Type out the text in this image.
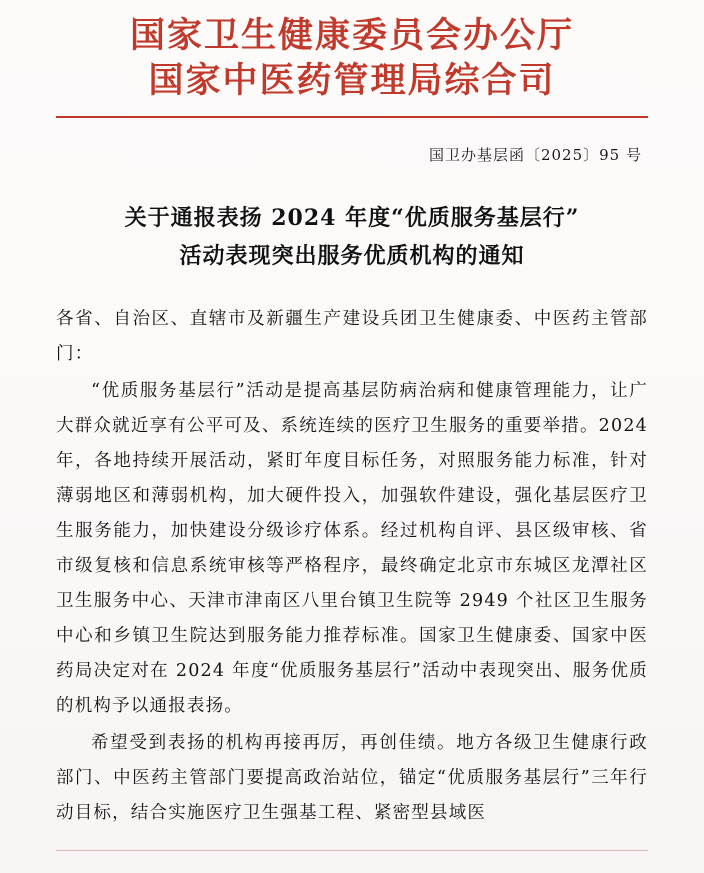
国家卫生健康委员会办公厅
国家中医药管理局综合司
国卫办基层函〔2025〕95 号
关于通报表扬 2024 年度“优质服务基层行”
活动表现突出服务优质机构的通知

各省、自治区、直辖市及新疆生产建设兵团卫生健康委、中医药主管部门：

“优质服务基层行”活动是提高基层防病治病和健康管理能力，让广大群众就近享有公平可及、系统连续的医疗卫生服务的重要举措。2024 年，各地持续开展活动，紧盯年度目标任务，对照服务能力标准，针对薄弱地区和薄弱机构，加大硬件投入，加强软件建设，强化基层医疗卫生服务能力，加快建设分级诊疗体系。经过机构自评、县区级审核、省市级复核和信息系统审核等严格程序，最终确定北京市东城区龙潭社区卫生服务中心、天津市津南区八里台镇卫生院等 2949 个社区卫生服务中心和乡镇卫生院达到服务能力推荐标准。国家卫生健康委、国家中医药局决定对在 2024 年度“优质服务基层行”活动中表现突出、服务优质的机构予以通报表扬。

希望受到表扬的机构再接再厉，再创佳绩。地方各级卫生健康行政部门、中医药主管部门要提高政治站位，锚定“优质服务基层行”三年行动目标，结合实施医疗卫生强基工程、紧密型县域医
